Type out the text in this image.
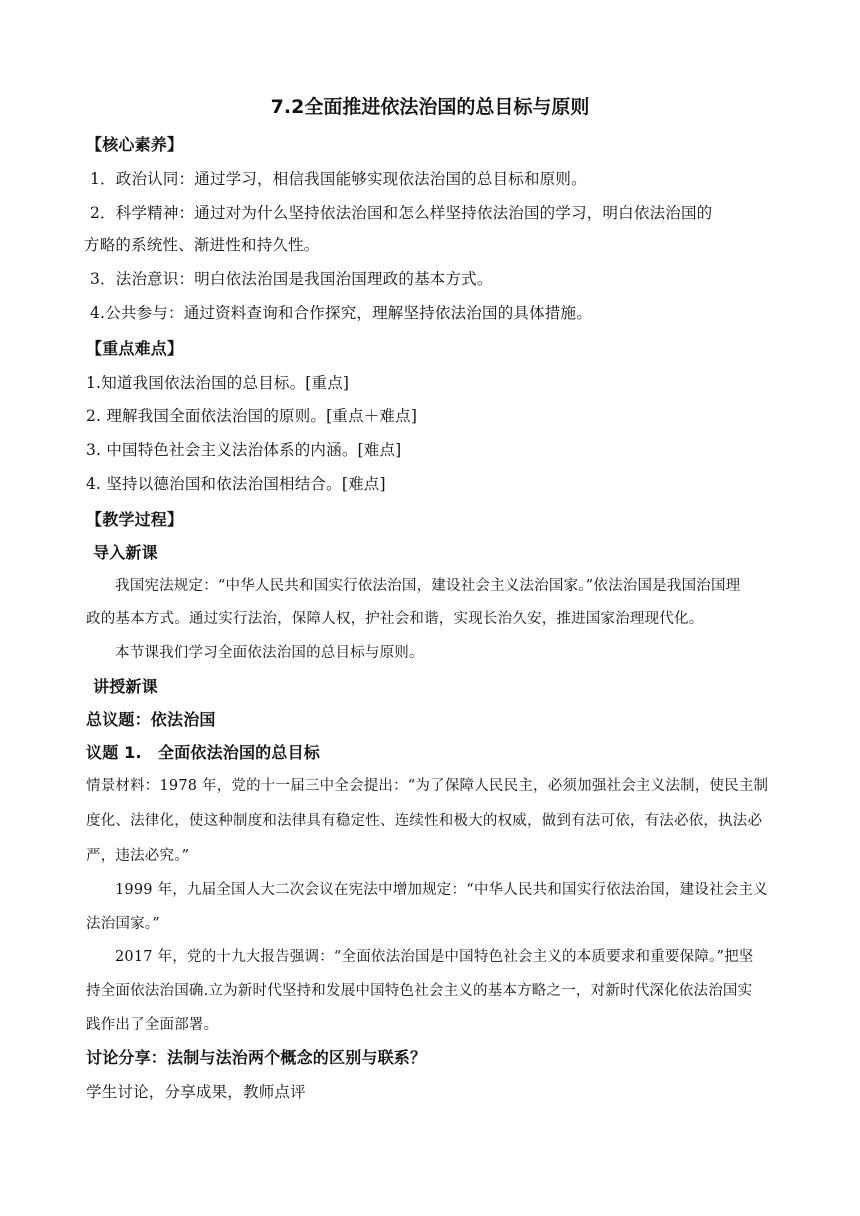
7.2全面推进依法治国的总目标与原则
【核心素养】
1．政治认同：通过学习，相信我国能够实现依法治国的总目标和原则。
2．科学精神：通过对为什么坚持依法治国和怎么样坚持依法治国的学习，明白依法治国的
方略的系统性、渐进性和持久性。
3．法治意识：明白依法治国是我国治国理政的基本方式。
4.公共参与：通过资料查询和合作探究，理解坚持依法治国的具体措施。
【重点难点】
1.知道我国依法治国的总目标。[重点]
2. 理解我国全面依法治国的原则。[重点＋难点]
3. 中国特色社会主义法治体系的内涵。[难点]
4. 坚持以德治国和依法治国相结合。[难点]
【教学过程】
导入新课
我国宪法规定：“中华人民共和国实行依法治国，建设社会主义法治国家。”依法治国是我国治国理
政的基本方式。通过实行法治，保障人权，护社会和谐，实现长治久安，推进国家治理现代化。
本节课我们学习全面依法治国的总目标与原则。
讲授新课
总议题：依法治国
议题 1.　全面依法治国的总目标
情景材料：1978 年，党的十一届三中全会提出：“为了保障人民民主，必须加强社会主义法制，使民主制
度化、法律化，使这种制度和法律具有稳定性、连续性和极大的权威，做到有法可依，有法必依，执法必
严，违法必究。”
1999 年，九届全国人大二次会议在宪法中增加规定：“中华人民共和国实行依法治国，建设社会主义
法治国家。”
2017 年，党的十九大报告强调：“全面依法治国是中国特色社会主义的本质要求和重要保障。”把坚
持全面依法治国确.立为新时代坚持和发展中国特色社会主义的基本方略之一，对新时代深化依法治国实
践作出了全面部署。
讨论分享：法制与法治两个概念的区别与联系？
学生讨论，分享成果，教师点评
